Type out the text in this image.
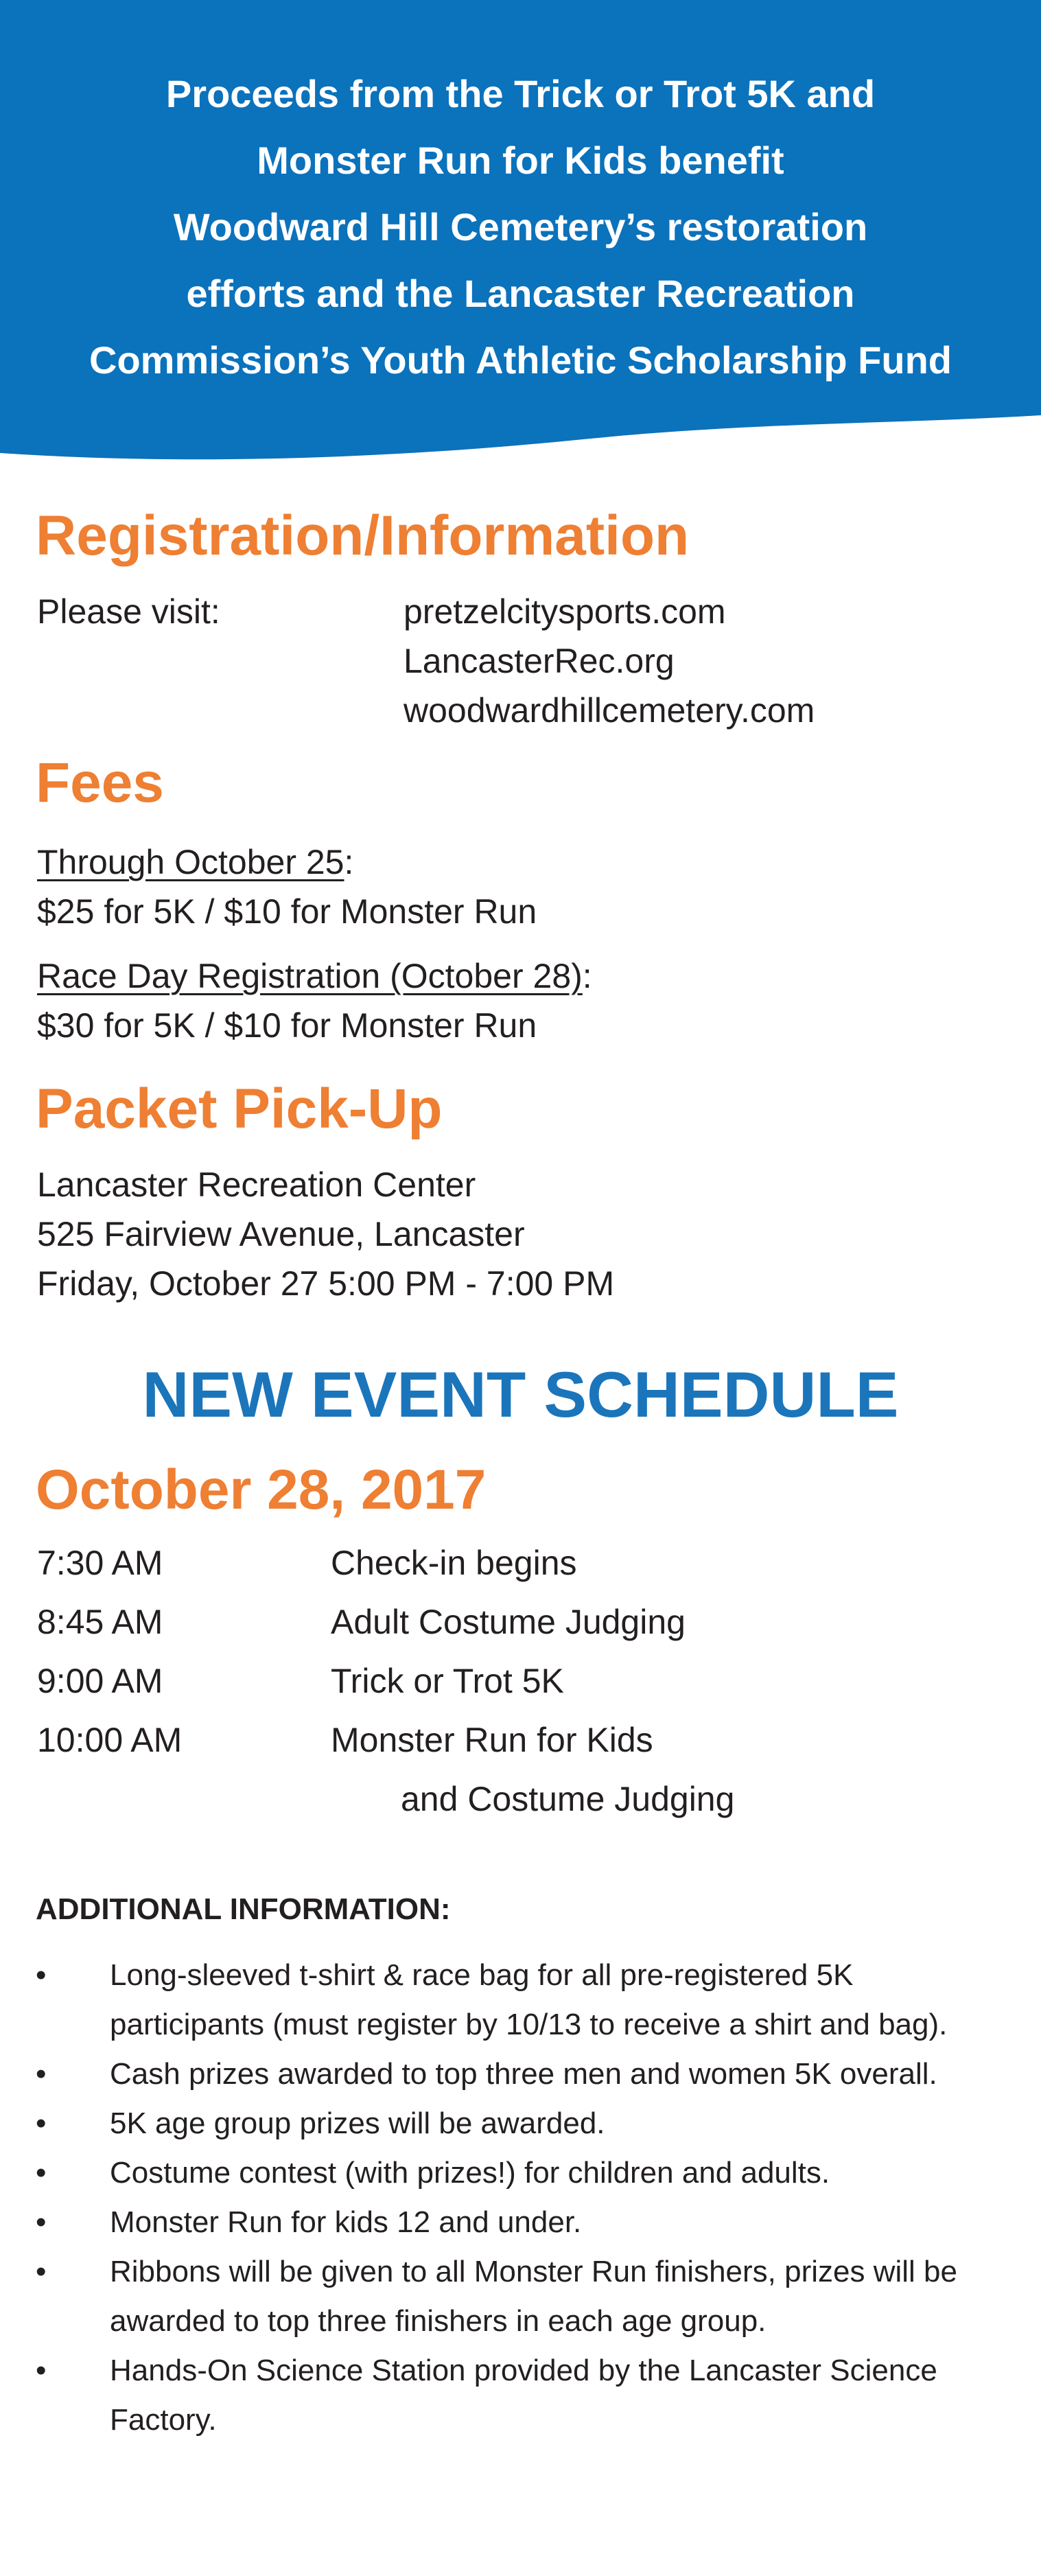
Proceeds from the Trick or Trot 5K and
Monster Run for Kids benefit
Woodward Hill Cemetery’s restoration
efforts and the Lancaster Recreation
Commission’s Youth Athletic Scholarship Fund

Registration/Information

Please visit:	pretzelcitysports.com
LancasterRec.org
woodwardhillcemetery.com
Fees
Through October 25:
$25 for 5K / $10 for Monster Run
Race Day Registration (October 28):
$30 for 5K / $10 for Monster Run
Packet Pick-Up
Lancaster Recreation Center
525 Fairview Avenue, Lancaster
Friday, October 27 5:00 PM - 7:00 PM
NEW EVENT SCHEDULE
October 28, 2017
7:30 AM	Check-in begins
8:45 AM	Adult Costume Judging
9:00 AM	Trick or Trot 5K
10:00 AM	Monster Run for Kids
and Costume Judging
ADDITIONAL INFORMATION:
• Long-sleeved t-shirt & race bag for all pre-registered 5K participants (must register by 10/13 to receive a shirt and bag).
• Cash prizes awarded to top three men and women 5K overall.
• 5K age group prizes will be awarded.
• Costume contest (with prizes!) for children and adults.
• Monster Run for kids 12 and under.
• Ribbons will be given to all Monster Run finishers, prizes will be awarded to top three finishers in each age group.
• Hands-On Science Station provided by the Lancaster Science Factory.
